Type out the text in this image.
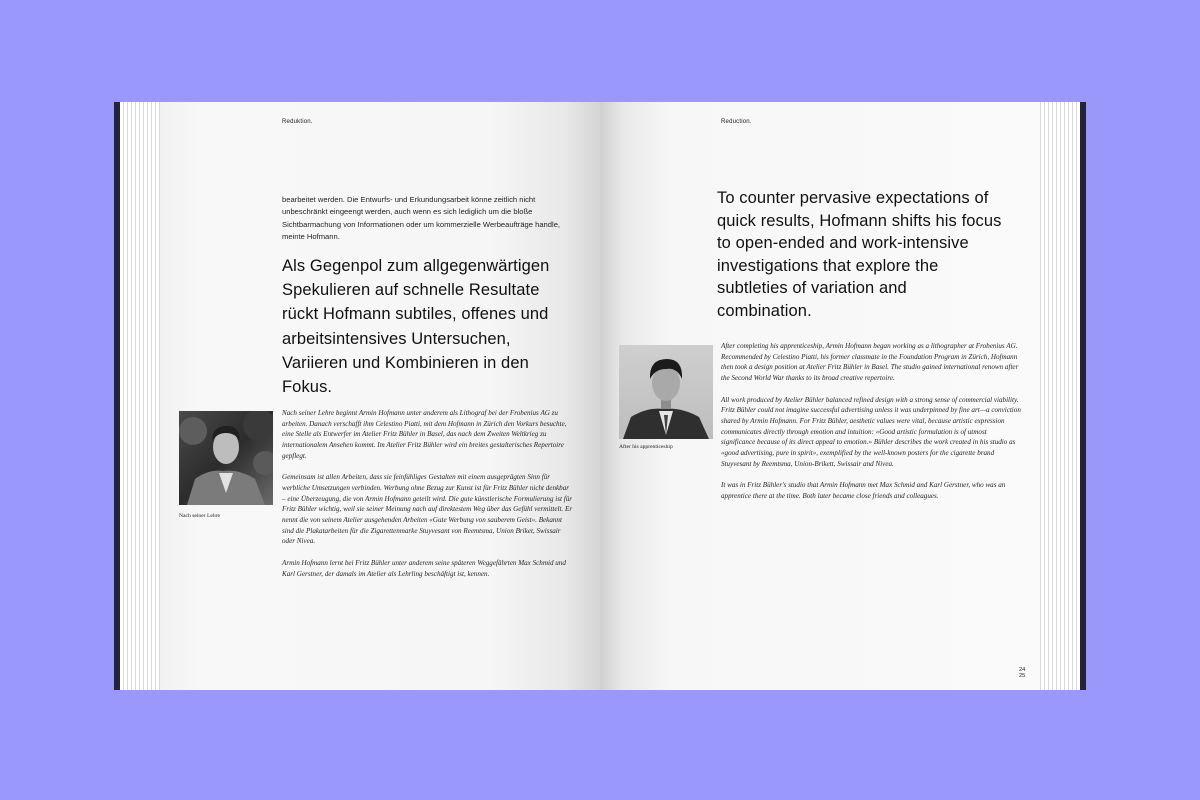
Reduktion.

bearbeitet werden. Die Entwurfs- und Erkundungsarbeit könne zeitlich nicht unbeschränkt eingeengt werden, auch wenn es sich lediglich um die bloße Sichtbarmachung von Informationen oder um kommerzielle Werbeaufträge handle, meinte Hofmann.

Als Gegenpol zum allgegenwärtigen Spekulieren auf schnelle Resultate rückt Hofmann subtiles, offenes und arbeitsintensives Untersuchen, Variieren und Kombinieren in den Fokus.

Nach seiner Lehre

Nach seiner Lehre beginnt Armin Hofmann unter anderem als Lithograf bei der Frobenius AG zu arbeiten. Danach verschafft ihm Celestino Piatti, mit dem Hofmann in Zürich den Vorkurs besuchte, eine Stelle als Entwerfer im Atelier Fritz Bühler in Basel, das nach dem Zweiten Weltkrieg zu internationalem Ansehen kommt. Im Atelier Fritz Bühler wird ein breites gestalterisches Repertoire gepflegt.

Gemeinsam ist allen Arbeiten, dass sie feinfühliges Gestalten mit einem ausgeprägten Sinn für werbliche Umsetzungen verbinden. Werbung ohne Bezug zur Kunst ist für Fritz Bühler nicht denkbar – eine Überzeugung, die von Armin Hofmann geteilt wird. Die gute künstlerische Formulierung ist für Fritz Bühler wichtig, weil sie seiner Meinung nach auf direktestem Weg über das Gefühl vermittelt. Er nennt die von seinem Atelier ausgehenden Arbeiten «Gute Werbung von sauberem Geist». Bekannt sind die Plakatarbeiten für die Zigarettenmarke Stuyvesant von Reemtsma, Union Briket, Swissair oder Nivea.

Armin Hofmann lernt bei Fritz Bühler unter anderem seine späteren Weggefährten Max Schmid und Karl Gerstner, der damals im Atelier als Lehrling beschäftigt ist, kennen.

Reduction.

To counter pervasive expectations of quick results, Hofmann shifts his focus to open-ended and work-intensive investigations that explore the subtleties of variation and combination.

After his apprenticeship

After completing his apprenticeship, Armin Hofmann began working as a lithographer at Frobenius AG. Recommended by Celestino Piatti, his former classmate in the Foundation Program in Zürich, Hofmann then took a design position at Atelier Fritz Bühler in Basel. The studio gained international renown after the Second World War thanks to its broad creative repertoire.

All work produced by Atelier Bühler balanced refined design with a strong sense of commercial viability. Fritz Bühler could not imagine successful advertising unless it was underpinned by fine art—a conviction shared by Armin Hofmann. For Fritz Bühler, aesthetic values were vital, because artistic expression communicates directly through emotion and intuition: «Good artistic formulation is of utmost significance because of its direct appeal to emotion.» Bühler describes the work created in his studio as «good advertising, pure in spirit», exemplified by the well-known posters for the cigarette brand Stuyvesant by Reemtsma, Union-Brikett, Swissair and Nivea.

It was in Fritz Bühler's studio that Armin Hofmann met Max Schmid and Karl Gerstner, who was an apprentice there at the time. Both later became close friends and colleagues.

24
25
